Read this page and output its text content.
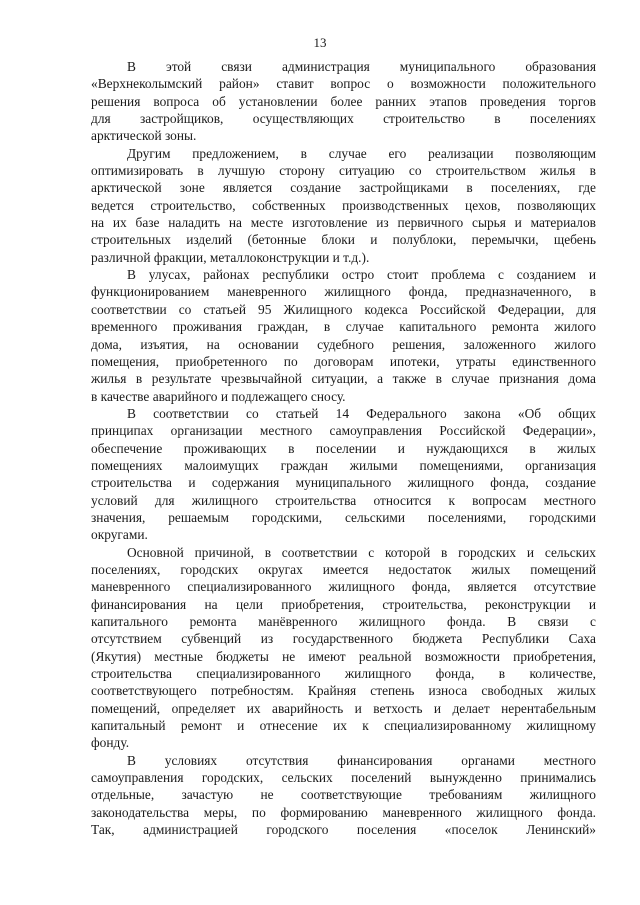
13
В этой связи администрация муниципального образования
«Верхнеколымский район» ставит вопрос о возможности положительного
решения вопроса об установлении более ранних этапов проведения торгов
для застройщиков, осуществляющих строительство в поселениях
арктической зоны.
Другим предложением, в случае его реализации позволяющим
оптимизировать в лучшую сторону ситуацию со строительством жилья в
арктической зоне является создание застройщиками в поселениях, где
ведется строительство, собственных производственных цехов, позволяющих
на их базе наладить на месте изготовление из первичного сырья и материалов
строительных изделий (бетонные блоки и полублоки, перемычки, щебень
различной фракции, металлоконструкции и т.д.).
В улусах, районах республики остро стоит проблема с созданием и
функционированием маневренного жилищного фонда, предназначенного, в
соответствии со статьей 95 Жилищного кодекса Российской Федерации, для
временного проживания граждан, в случае капитального ремонта жилого
дома, изъятия, на основании судебного решения, заложенного жилого
помещения, приобретенного по договорам ипотеки, утраты единственного
жилья в результате чрезвычайной ситуации, а также в случае признания дома
в качестве аварийного и подлежащего сносу.
В соответствии со статьей 14 Федерального закона «Об общих
принципах организации местного самоуправления Российской Федерации»,
обеспечение проживающих в поселении и нуждающихся в жилых
помещениях малоимущих граждан жилыми помещениями, организация
строительства и содержания муниципального жилищного фонда, создание
условий для жилищного строительства относится к вопросам местного
значения, решаемым городскими, сельскими поселениями, городскими
округами.
Основной причиной, в соответствии с которой в городских и сельских
поселениях, городских округах имеется недостаток жилых помещений
маневренного специализированного жилищного фонда, является отсутствие
финансирования на цели приобретения, строительства, реконструкции и
капитального ремонта манёвренного жилищного фонда. В связи с
отсутствием субвенций из государственного бюджета Республики Саха
(Якутия) местные бюджеты не имеют реальной возможности приобретения,
строительства специализированного жилищного фонда, в количестве,
соответствующего потребностям. Крайняя степень износа свободных жилых
помещений, определяет их аварийность и ветхость и делает нерентабельным
капитальный ремонт и отнесение их к специализированному жилищному
фонду.
В условиях отсутствия финансирования органами местного
самоуправления городских, сельских поселений вынужденно принимались
отдельные, зачастую не соответствующие требованиям жилищного
законодательства меры, по формированию маневренного жилищного фонда.
Так, администрацией городского поселения «поселок Ленинский»
